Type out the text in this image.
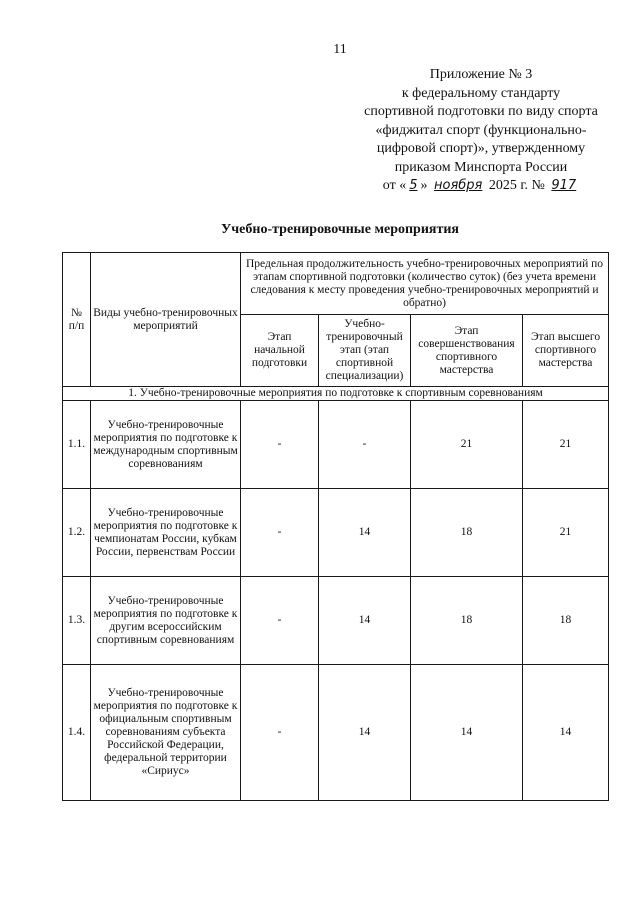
11
Приложение № 3
к федеральному стандарту
спортивной подготовки по виду спорта
«фиджитал спорт (функционально-
цифровой спорт)», утвержденному
приказом Минспорта России
от « 5 » ноября 2025 г. № 917
Учебно-тренировочные мероприятия
№ п/п	Виды учебно-тренировочных мероприятий	Предельная продолжительность учебно-тренировочных мероприятий по этапам спортивной подготовки (количество суток) (без учета времени следования к месту проведения учебно-тренировочных мероприятий и обратно)			
		Этап начальной подготовки	Учебно-тренировочный этап (этап спортивной специализации)	Этап совершенствования спортивного мастерства	Этап высшего спортивного мастерства
1. Учебно-тренировочные мероприятия по подготовке к спортивным соревнованиям					
1.1.	Учебно-тренировочные мероприятия по подготовке к международным спортивным соревнованиям	-	-	21	21
1.2.	Учебно-тренировочные мероприятия по подготовке к чемпионатам России, кубкам России, первенствам России	-	14	18	21
1.3.	Учебно-тренировочные мероприятия по подготовке к другим всероссийским спортивным соревнованиям	-	14	18	18
1.4.	Учебно-тренировочные мероприятия по подготовке к официальным спортивным соревнованиям субъекта Российской Федерации, федеральной территории «Сириус»	-	14	14	14
